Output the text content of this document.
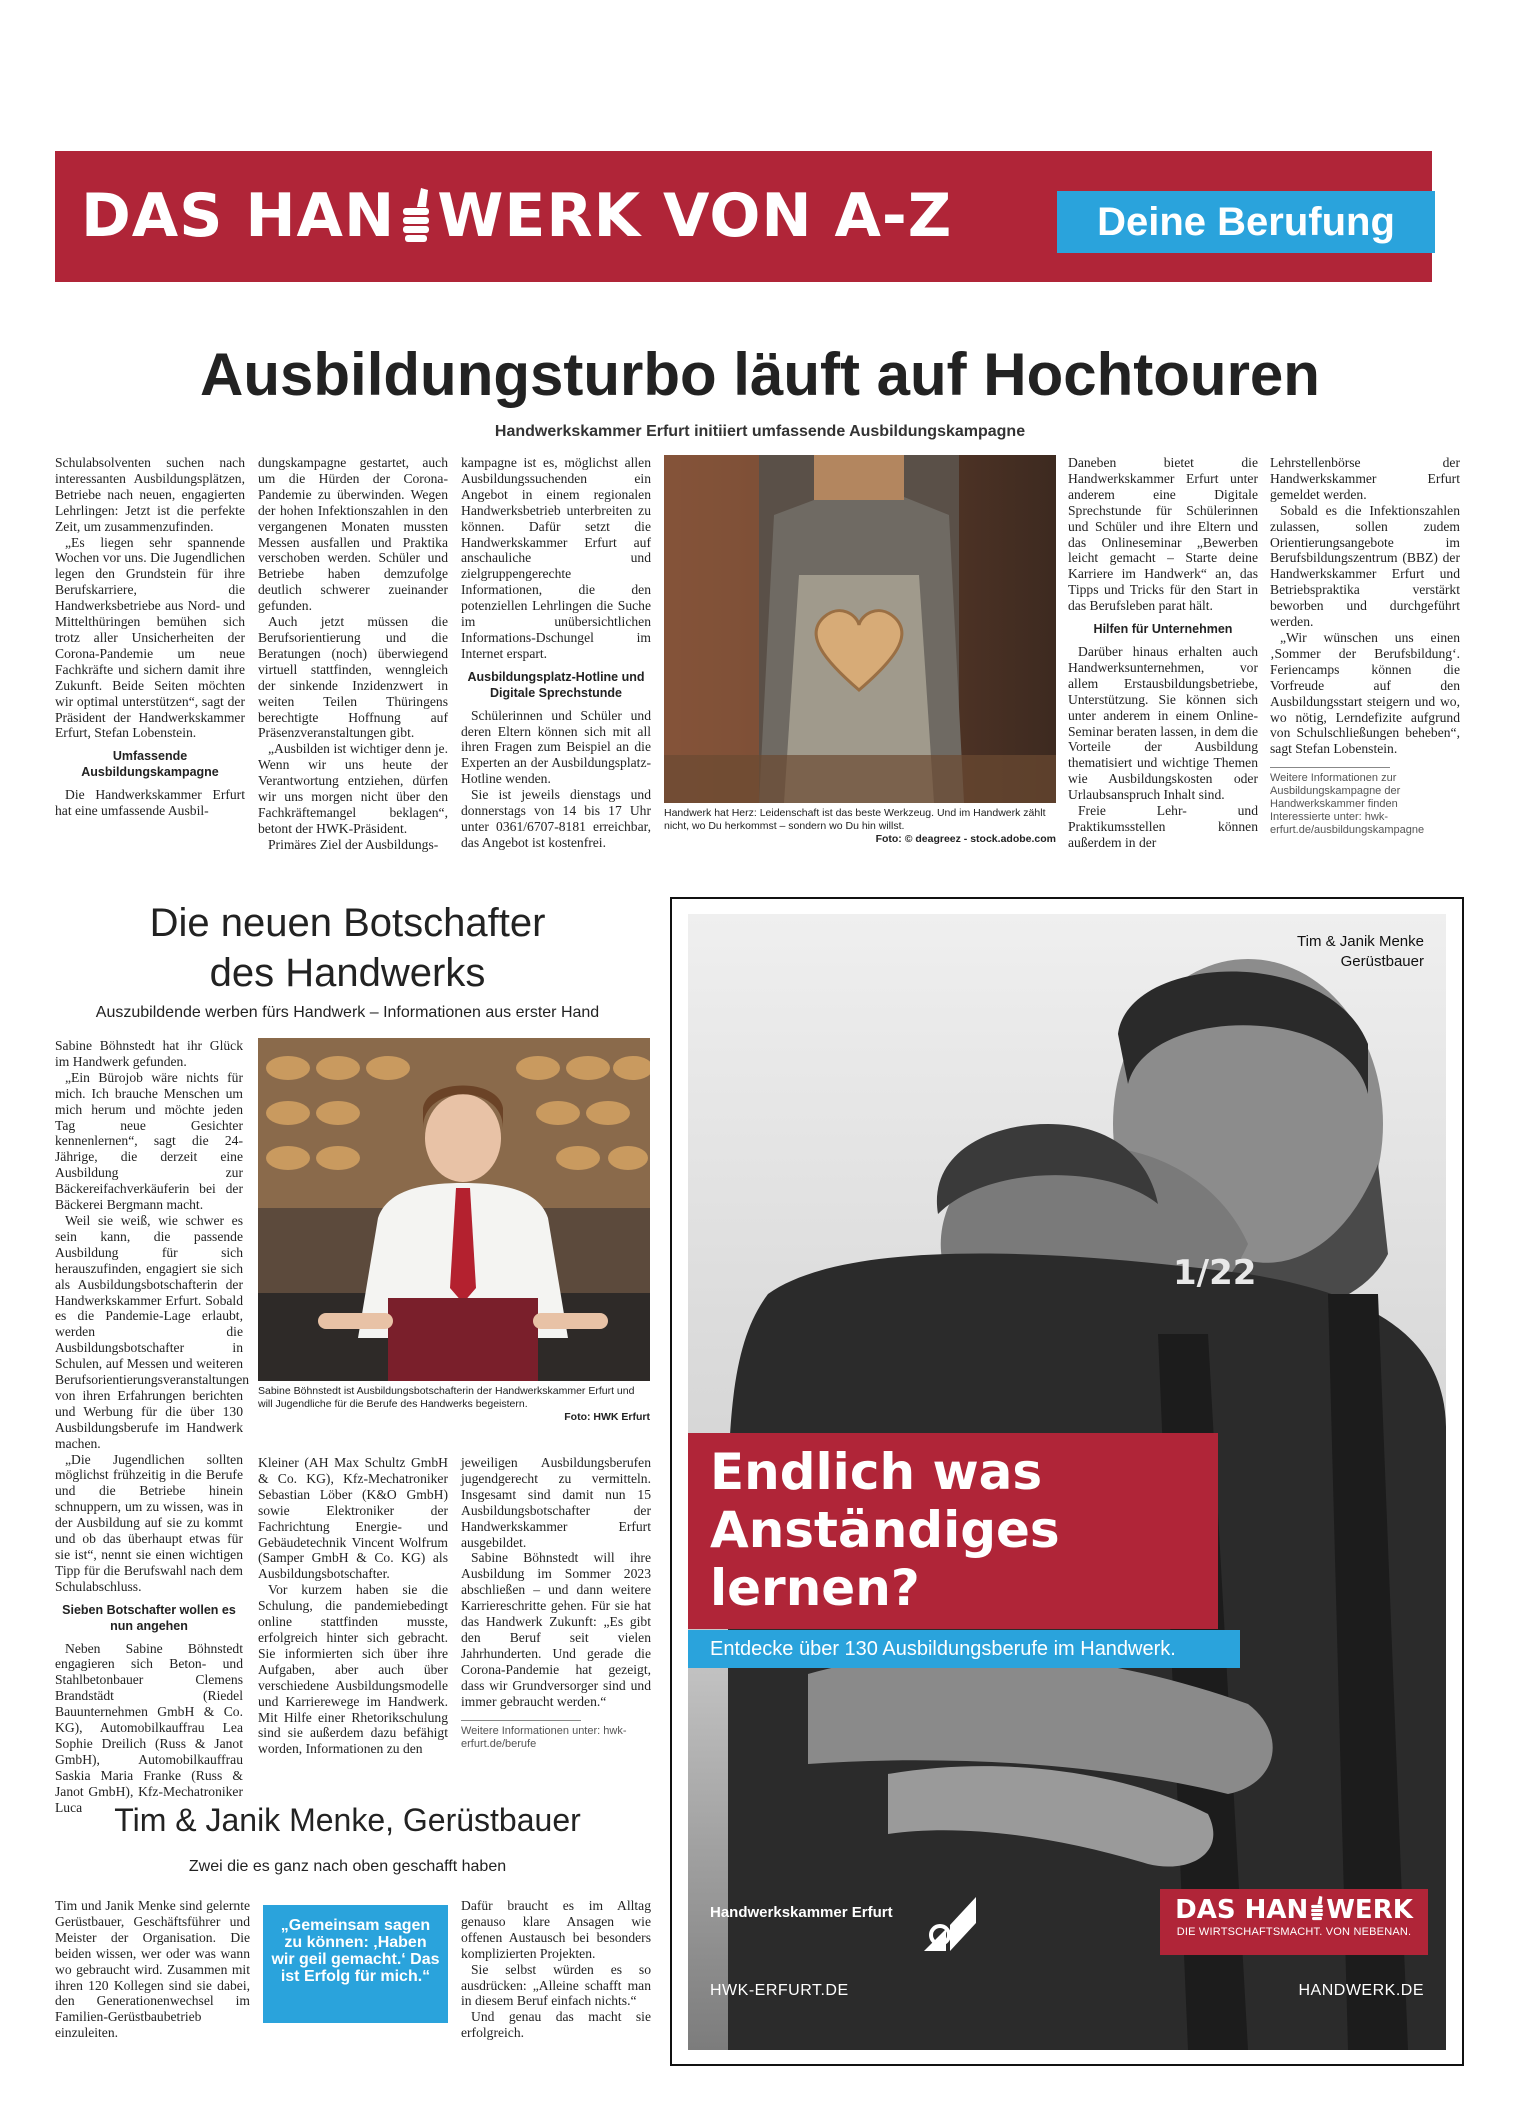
DAS HAN WERK VON A-Z	Deine Berufung
Ausbildungsturbo läuft auf Hochtouren
Handwerkskammer Erfurt initiiert umfassende Ausbildungskampagne

Schulabsolventen suchen nach interessanten Ausbildungsplätzen, Betriebe nach neuen, engagierten Lehrlingen: Jetzt ist die perfekte Zeit, um zusammenzufinden.

„Es liegen sehr spannende Wochen vor uns. Die Jugendlichen legen den Grundstein für ihre Berufskarriere, die Handwerksbetriebe aus Nord- und Mittelthüringen bemühen sich trotz aller Unsicherheiten der Corona-Pandemie um neue Fachkräfte und sichern damit ihre Zukunft. Beide Seiten möchten wir optimal unterstützen“, sagt der Präsident der Handwerkskammer Erfurt, Stefan Lobenstein.

Umfassende Ausbildungskampagne

Die Handwerkskammer Erfurt hat eine umfassende Ausbil-

dungskampagne gestartet, auch um die Hürden der Corona-Pandemie zu überwinden. Wegen der hohen Infektionszahlen in den vergangenen Monaten mussten Messen ausfallen und Praktika verschoben werden. Schüler und Betriebe haben demzufolge deutlich schwerer zueinander gefunden.

Auch jetzt müssen die Berufsorientierung und die Beratungen (noch) überwiegend virtuell stattfinden, wenngleich der sinkende Inzidenzwert in weiten Teilen Thüringens berechtigte Hoffnung auf Präsenzveranstaltungen gibt.

„Ausbilden ist wichtiger denn je. Wenn wir uns heute der Verantwortung entziehen, dürfen wir uns morgen nicht über den Fachkräftemangel beklagen“, betont der HWK-Präsident.

Primäres Ziel der Ausbildungs-

kampagne ist es, möglichst allen Ausbildungssuchenden ein Angebot in einem regionalen Handwerksbetrieb unterbreiten zu können. Dafür setzt die Handwerkskammer Erfurt auf anschauliche und zielgruppengerechte Informationen, die den potenziellen Lehrlingen die Suche im unübersichtlichen Informations-Dschungel im Internet erspart.

Ausbildungsplatz-Hotline und Digitale Sprechstunde

Schülerinnen und Schüler und deren Eltern können sich mit all ihren Fragen zum Beispiel an die Experten an der Ausbildungsplatz-Hotline wenden.

Sie ist jeweils dienstags und donnerstags von 14 bis 17 Uhr unter 0361/6707-8181 erreichbar, das Angebot ist kostenfrei.

Handwerk hat Herz: Leidenschaft ist das beste Werkzeug. Und im Handwerk zählt nicht, wo Du herkommst – sondern wo Du hin willst.
Foto: © deagreez - stock.adobe.com

Daneben bietet die Handwerkskammer Erfurt unter anderem eine Digitale Sprechstunde für Schülerinnen und Schüler und ihre Eltern und das Onlineseminar „Bewerben leicht gemacht – Starte deine Karriere im Handwerk“ an, das Tipps und Tricks für den Start in das Berufsleben parat hält.

Hilfen für Unternehmen

Darüber hinaus erhalten auch Handwerksunternehmen, vor allem Erstausbildungsbetriebe, Unterstützung. Sie können sich unter anderem in einem Online-Seminar beraten lassen, in dem die Vorteile der Ausbildung thematisiert und wichtige Themen wie Ausbildungskosten oder Urlaubsanspruch Inhalt sind.

Freie Lehr- und Praktikumsstellen können außerdem in der

Lehrstellenbörse der Handwerkskammer Erfurt gemeldet werden.

Sobald es die Infektionszahlen zulassen, sollen zudem Orientierungsangebote im Berufsbildungszentrum (BBZ) der Handwerkskammer Erfurt und Betriebspraktika verstärkt beworben und durchgeführt werden.

„Wir wünschen uns einen ‚Sommer der Berufsbildung‘. Feriencamps können die Vorfreude auf den Ausbildungsstart steigern und wo, wo nötig, Lerndefizite aufgrund von Schulschließungen beheben“, sagt Stefan Lobenstein.

Weitere Informationen zur Ausbildungskampagne der Handwerkskammer finden Interessierte unter: hwk-erfurt.de/ausbildungskampagne

Die neuen Botschafter
des Handwerks
Auszubildende werben fürs Handwerk – Informationen aus erster Hand

Sabine Böhnstedt hat ihr Glück im Handwerk gefunden.

„Ein Bürojob wäre nichts für mich. Ich brauche Menschen um mich herum und möchte jeden Tag neue Gesichter kennenlernen“, sagt die 24-Jährige, die derzeit eine Ausbildung zur Bäckereifachverkäuferin bei der Bäckerei Bergmann macht.

Weil sie weiß, wie schwer es sein kann, die passende Ausbildung für sich herauszufinden, engagiert sie sich als Ausbildungsbotschafterin der Handwerkskammer Erfurt. Sobald es die Pandemie-Lage erlaubt, werden die Ausbildungsbotschafter in Schulen, auf Messen und weiteren Berufsorientierungsveranstaltungen von ihren Erfahrungen berichten und Werbung für die über 130 Ausbildungsberufe im Handwerk machen.

„Die Jugendlichen sollten möglichst frühzeitig in die Berufe und die Betriebe hinein schnuppern, um zu wissen, was in der Ausbildung auf sie zu kommt und ob das überhaupt etwas für sie ist“, nennt sie einen wichtigen Tipp für die Berufswahl nach dem Schulabschluss.

Sieben Botschafter wollen es nun angehen

Neben Sabine Böhnstedt engagieren sich Beton- und Stahlbetonbauer Clemens Brandstädt (Riedel Bauunternehmen GmbH & Co. KG), Automobilkauffrau Lea Sophie Dreilich (Russ & Janot GmbH), Automobilkauffrau Saskia Maria Franke (Russ & Janot GmbH), Kfz-Mechatroniker Luca

Sabine Böhnstedt ist Ausbildungsbotschafterin der Handwerkskammer Erfurt und will Jugendliche für die Berufe des Handwerks begeistern.
Foto: HWK Erfurt

Kleiner (AH Max Schultz GmbH & Co. KG), Kfz-Mechatroniker Sebastian Löber (K&O GmbH) sowie Elektroniker der Fachrichtung Energie- und Gebäudetechnik Vincent Wolfrum (Samper GmbH & Co. KG) als Ausbildungsbotschafter.

Vor kurzem haben sie die Schulung, die pandemiebedingt online stattfinden musste, erfolgreich hinter sich gebracht. Sie informierten sich über ihre Aufgaben, aber auch über verschiedene Ausbildungsmodelle und Karrierewege im Handwerk. Mit Hilfe einer Rhetorikschulung sind sie außerdem dazu befähigt worden, Informationen zu den

jeweiligen Ausbildungsberufen jugendgerecht zu vermitteln. Insgesamt sind damit nun 15 Ausbildungsbotschafter der Handwerkskammer Erfurt ausgebildet.

Sabine Böhnstedt will ihre Ausbildung im Sommer 2023 abschließen – und dann weitere Karriereschritte gehen. Für sie hat das Handwerk Zukunft: „Es gibt den Beruf seit vielen Jahrhunderten. Und gerade die Corona-Pandemie hat gezeigt, dass wir Grundversorger sind und immer gebraucht werden.“

Weitere Informationen unter: hwk-erfurt.de/berufe

Tim & Janik Menke, Gerüstbauer
Zwei die es ganz nach oben geschafft haben

Tim und Janik Menke sind gelernte Gerüstbauer, Geschäftsführer und Meister der Organisation. Die beiden wissen, wer oder was wann wo gebraucht wird. Zusammen mit ihren 120 Kollegen sind sie dabei, den Generationenwechsel im Familien-Gerüstbaubetrieb einzuleiten.

„Gemeinsam sagen zu können: ‚Haben wir geil gemacht.‘ Das ist Erfolg für mich.“

Dafür braucht es im Alltag genauso klare Ansagen wie offenen Austausch bei besonders komplizierten Projekten.

Sie selbst würden es so ausdrücken: „Alleine schafft man in diesem Beruf einfach nichts.“

Und genau das macht sie erfolgreich.

1/22
Tim & Janik Menke
Gerüstbauer
Endlich was
Anständiges
lernen?
Entdecke über 130 Ausbildungsberufe im Handwerk.
Handwerkskammer Erfurt
HWK-ERFURT.DE
DAS HAN WERK
DIE WIRTSCHAFTSMACHT. VON NEBENAN.
HANDWERK.DE
